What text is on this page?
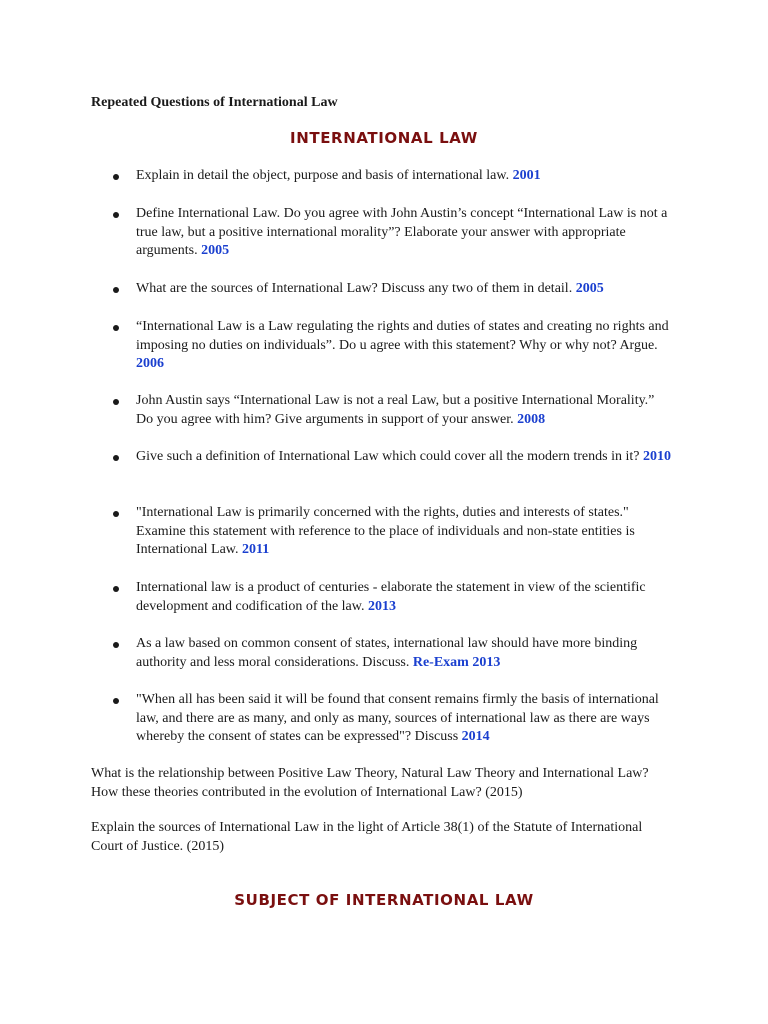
Repeated Questions of International Law

INTERNATIONAL LAW

Explain in detail the object, purpose and basis of international law. 2001

Define International Law. Do you agree with John Austin’s concept “International Law is not a true law, but a positive international morality”? Elaborate your answer with appropriate arguments. 2005

What are the sources of International Law? Discuss any two of them in detail. 2005

“International Law is a Law regulating the rights and duties of states and creating no rights and imposing no duties on individuals”. Do u agree with this statement? Why or why not? Argue. 2006

John Austin says “International Law is not a real Law, but a positive International Morality.” Do you agree with him? Give arguments in support of your answer. 2008

Give such a definition of International Law which could cover all the modern trends in it? 2010

"International Law is primarily concerned with the rights, duties and interests of states." Examine this statement with reference to the place of individuals and non-state entities is International Law. 2011

International law is a product of centuries - elaborate the statement in view of the scientific development and codification of the law. 2013

As a law based on common consent of states, international law should have more binding authority and less moral considerations. Discuss. Re-Exam 2013

"When all has been said it will be found that consent remains firmly the basis of international law, and there are as many, and only as many, sources of international law as there are ways whereby the consent of states can be expressed"? Discuss 2014

What is the relationship between Positive Law Theory, Natural Law Theory and International Law? How these theories contributed in the evolution of International Law? (2015)

Explain the sources of International Law in the light of Article 38(1) of the Statute of International Court of Justice. (2015)

SUBJECT OF INTERNATIONAL LAW
